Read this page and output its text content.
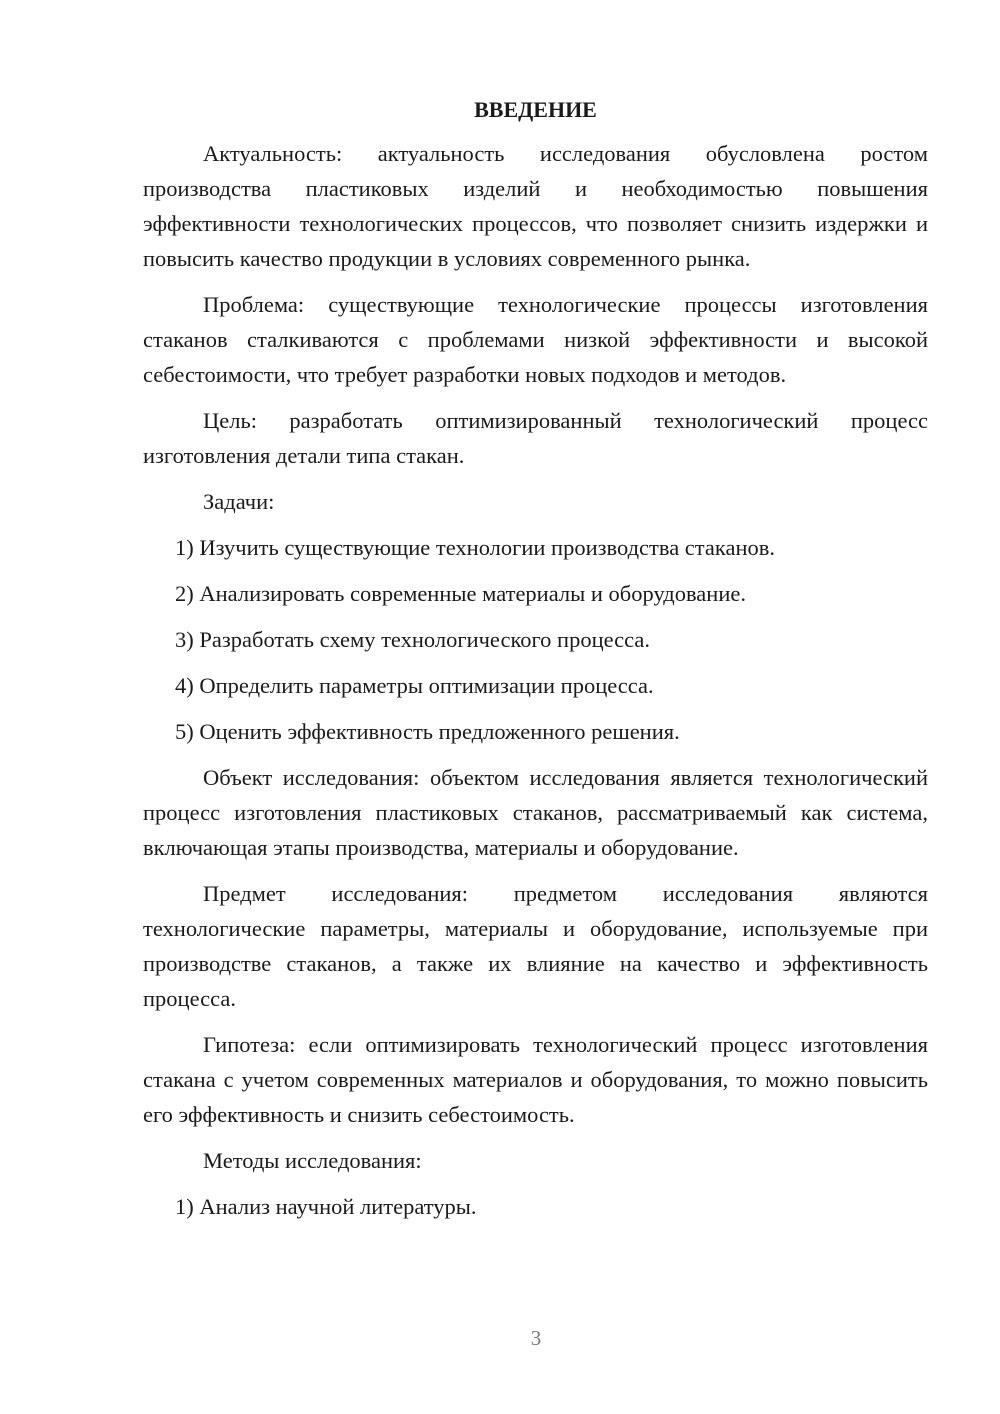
ВВЕДЕНИЕ
Актуальность: актуальность исследования обусловлена ростом производства пластиковых изделий и необходимостью повышения эффективности технологических процессов, что позволяет снизить издержки и повысить качество продукции в условиях современного рынка.
Проблема: существующие технологические процессы изготовления стаканов сталкиваются с проблемами низкой эффективности и высокой себестоимости, что требует разработки новых подходов и методов.
Цель: разработать оптимизированный технологический процесс изготовления детали типа стакан.
Задачи:
1) Изучить существующие технологии производства стаканов.
2) Анализировать современные материалы и оборудование.
3) Разработать схему технологического процесса.
4) Определить параметры оптимизации процесса.
5) Оценить эффективность предложенного решения.
Объект исследования: объектом исследования является технологический процесс изготовления пластиковых стаканов, рассматриваемый как система, включающая этапы производства, материалы и оборудование.
Предмет исследования: предметом исследования являются технологические параметры, материалы и оборудование, используемые при производстве стаканов, а также их влияние на качество и эффективность процесса.
Гипотеза: если оптимизировать технологический процесс изготовления стакана с учетом современных материалов и оборудования, то можно повысить его эффективность и снизить себестоимость.
Методы исследования:
1) Анализ научной литературы.
3
